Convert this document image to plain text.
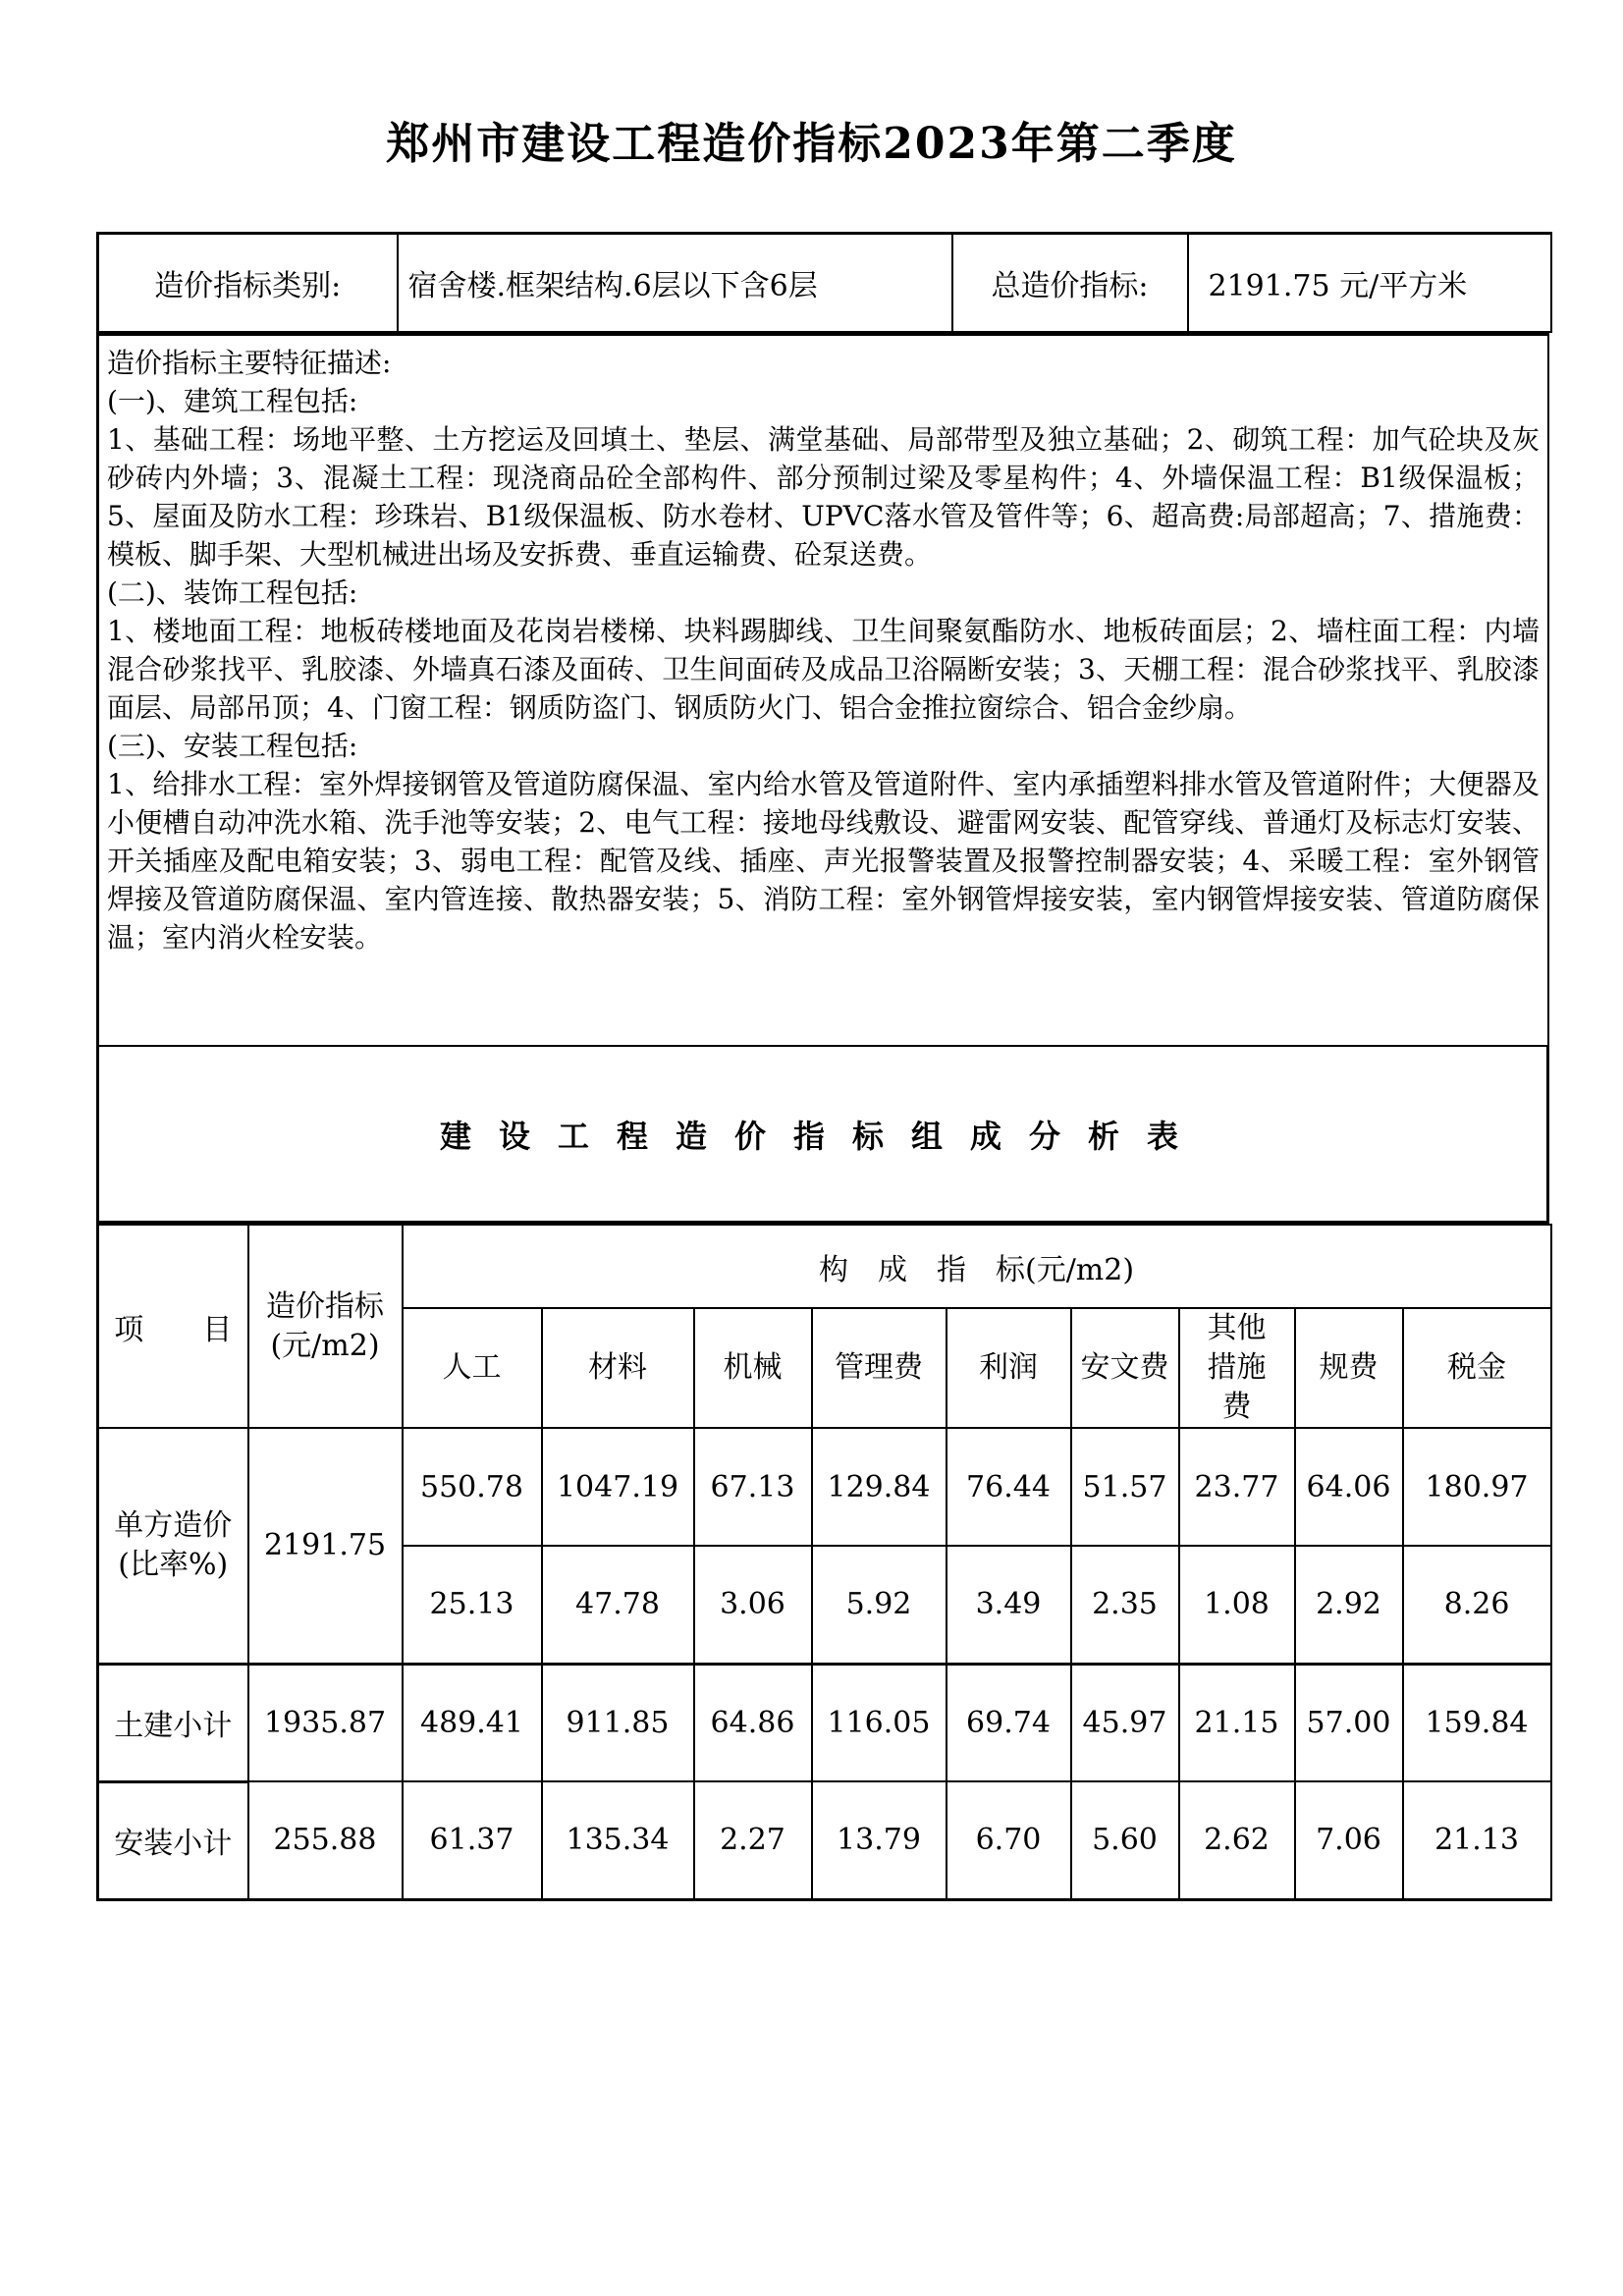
郑州市建设工程造价指标2023年第二季度
造价指标类别:	宿舍楼.框架结构.6层以下含6层	总造价指标:	2191.75 元/平方米

造价指标主要特征描述:

(一)、建筑工程包括:

1、基础工程：场地平整、土方挖运及回填土、垫层、满堂基础、局部带型及独立基础；2、砌筑工程：加气砼块及灰砂砖内外墙；3、混凝土工程：现浇商品砼全部构件、部分预制过梁及零星构件；4、外墙保温工程：B1级保温板；5、屋面及防水工程：珍珠岩、B1级保温板、防水卷材、UPVC落水管及管件等；6、超高费:局部超高；7、措施费：模板、脚手架、大型机械进出场及安拆费、垂直运输费、砼泵送费。

(二)、装饰工程包括:

1、楼地面工程：地板砖楼地面及花岗岩楼梯、块料踢脚线、卫生间聚氨酯防水、地板砖面层；2、墙柱面工程：内墙混合砂浆找平、乳胶漆、外墙真石漆及面砖、卫生间面砖及成品卫浴隔断安装；3、天棚工程：混合砂浆找平、乳胶漆面层、局部吊顶；4、门窗工程：钢质防盗门、钢质防火门、铝合金推拉窗综合、铝合金纱扇。

(三)、安装工程包括:

1、给排水工程：室外焊接钢管及管道防腐保温、室内给水管及管道附件、室内承插塑料排水管及管道附件；大便器及小便槽自动冲洗水箱、洗手池等安装；2、电气工程：接地母线敷设、避雷网安装、配管穿线、普通灯及标志灯安装、开关插座及配电箱安装；3、弱电工程：配管及线、插座、声光报警装置及报警控制器安装；4、采暖工程：室外钢管焊接及管道防腐保温、室内管连接、散热器安装；5、消防工程：室外钢管焊接安装，室内钢管焊接安装、管道防腐保温；室内消火栓安装。

建设工程造价指标组成分析表
项　　目	造价指标
(元/m2)	构　成　指　标(元/m2)								
		人工	材料	机械	管理费	利润	安文费	其他措施费	规费	税金

单方造价(比率%)	2191.75	550.78	1047.19	67.13	129.84	76.44	51.57	23.77	64.06	180.97
		25.13	47.78	3.06	5.92	3.49	2.35	1.08	2.92	8.26
土建小计	1935.87	489.41	911.85	64.86	116.05	69.74	45.97	21.15	57.00	159.84
安装小计	255.88	61.37	135.34	2.27	13.79	6.70	5.60	2.62	7.06	21.13
